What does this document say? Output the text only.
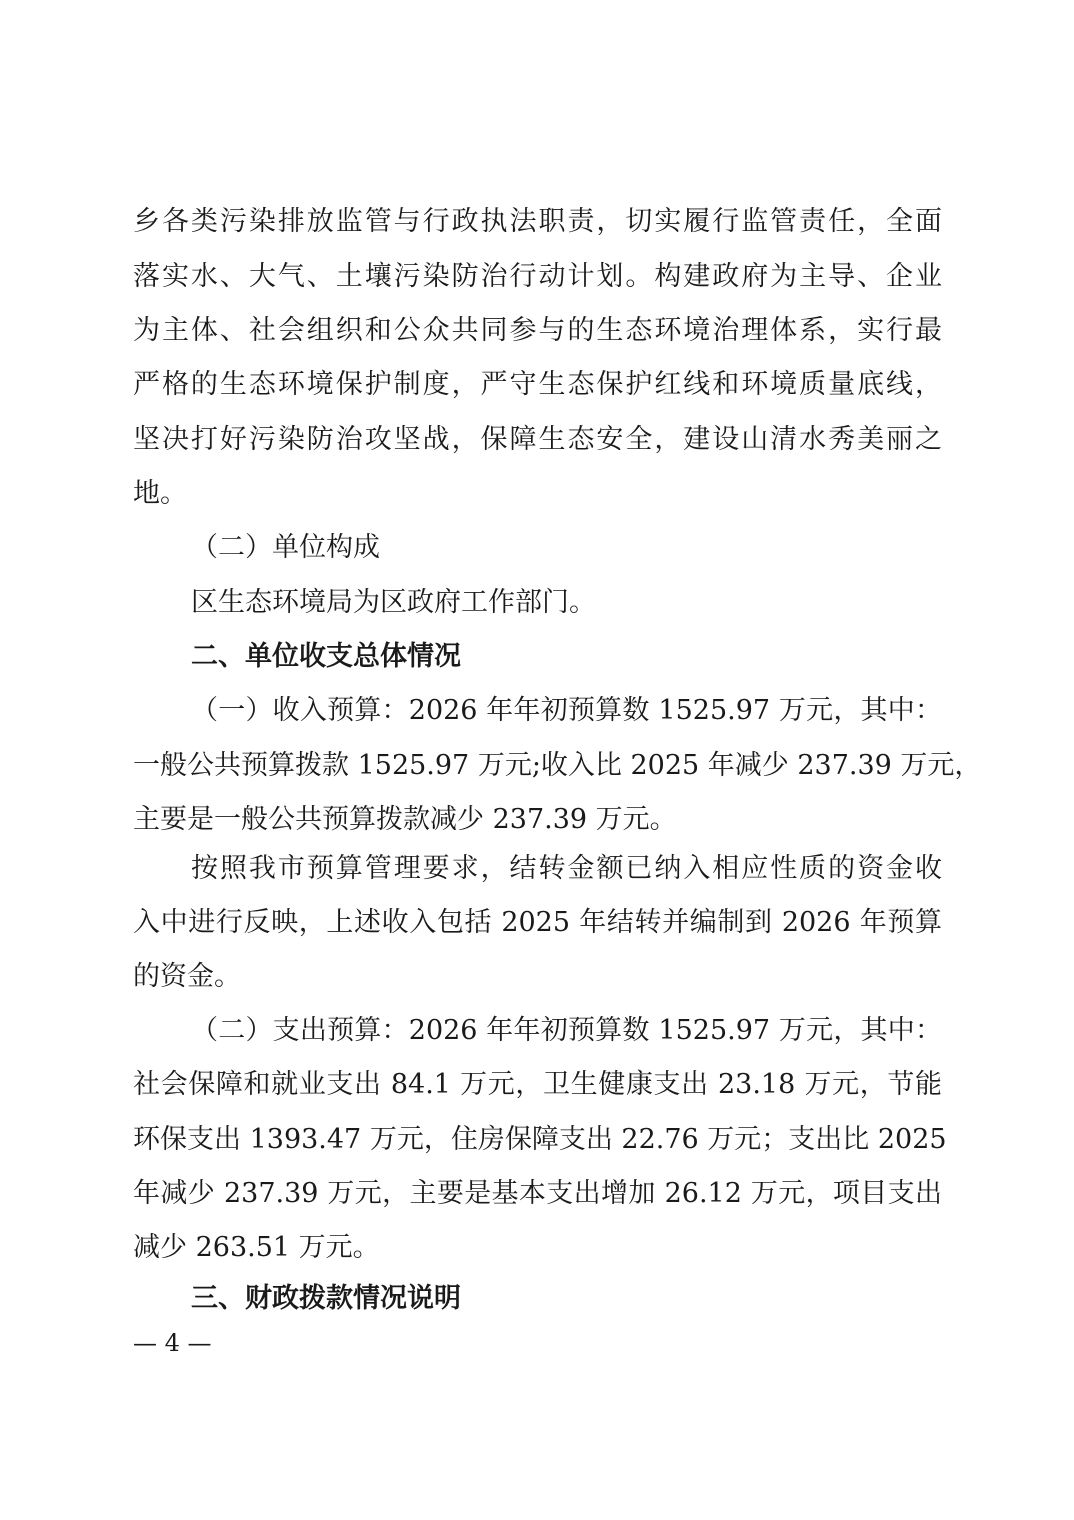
乡各类污染排放监管与行政执法职责，切实履行监管责任，全面
落实水、大气、土壤污染防治行动计划。构建政府为主导、企业
为主体、社会组织和公众共同参与的生态环境治理体系，实行最
严格的生态环境保护制度，严守生态保护红线和环境质量底线，
坚决打好污染防治攻坚战，保障生态安全，建设山清水秀美丽之
地。
（二）单位构成
区生态环境局为区政府工作部门。
二、单位收支总体情况
（一）收入预算：2026 年年初预算数 1525.97 万元，其中：
一般公共预算拨款 1525.97 万元;收入比 2025 年减少 237.39 万元，
主要是一般公共预算拨款减少 237.39 万元。
按照我市预算管理要求，结转金额已纳入相应性质的资金收
入中进行反映，上述收入包括 2025 年结转并编制到 2026 年预算
的资金。
（二）支出预算：2026 年年初预算数 1525.97 万元，其中：
社会保障和就业支出 84.1 万元，卫生健康支出 23.18 万元，节能
环保支出 1393.47 万元，住房保障支出 22.76 万元；支出比 2025
年减少 237.39 万元，主要是基本支出增加 26.12 万元，项目支出
减少 263.51 万元。
三、财政拨款情况说明
— 4 —
